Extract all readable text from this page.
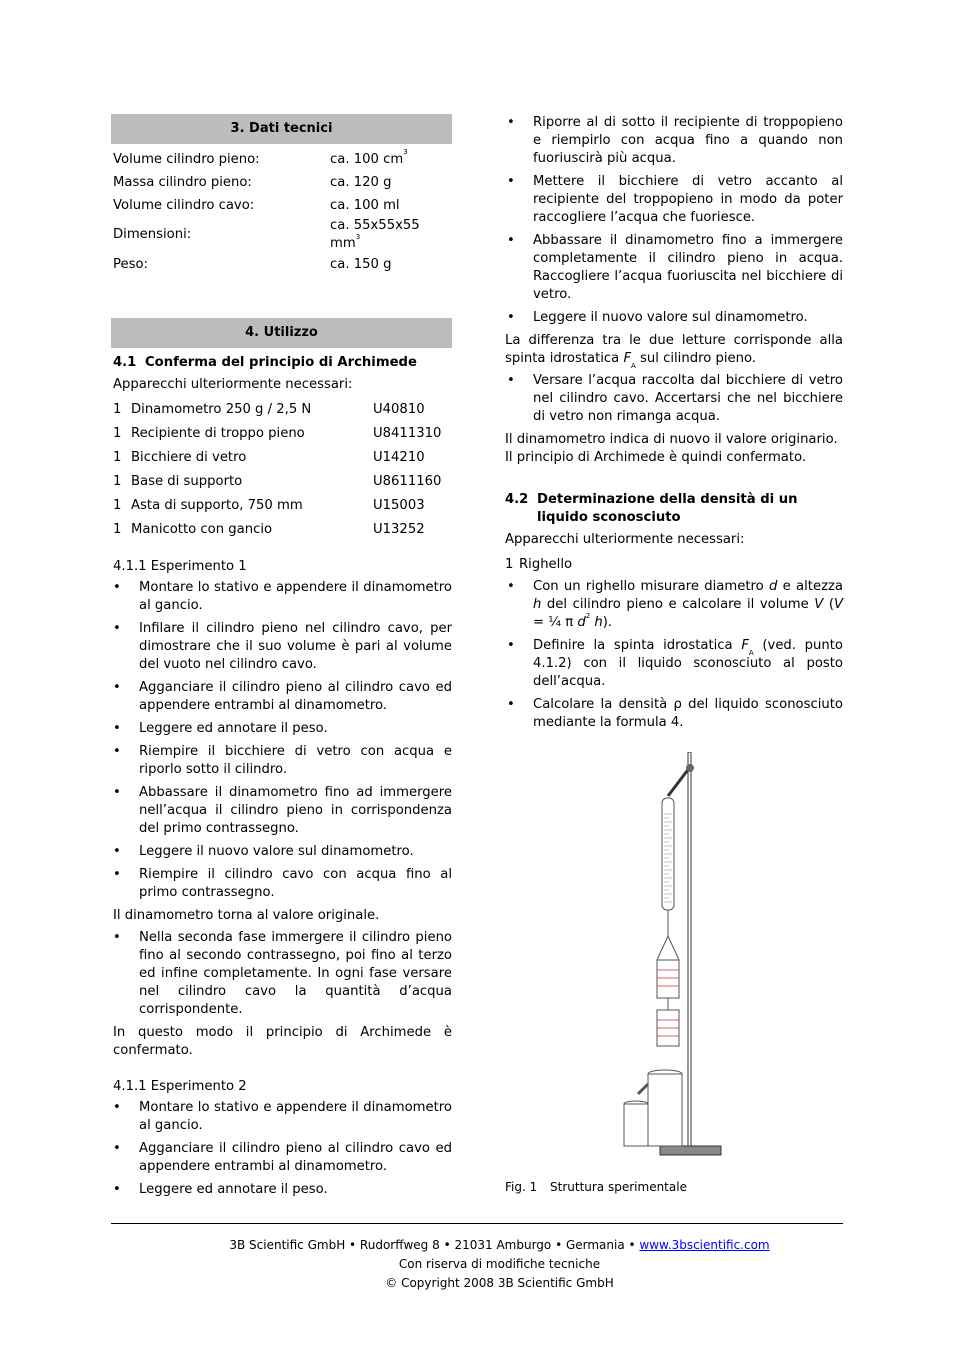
3. Dati tecnici
Volume cilindro pieno:	ca. 100 $cm^3$
Massa cilindro pieno:	ca. 120 g
Volume cilindro cavo:	ca. 100 ml
Dimensioni:	ca. 55x55x55 $mm^3$
Peso:	ca. 150 g
4. Utilizzo
4.1 Conferma del principio di Archimede
Apparecchi ulteriormente necessari:
1	Dinamometro 250 g / 2,5 N	U40810
1	Recipiente di troppo pieno	U8411310
1	Bicchiere di vetro	U14210
1	Base di supporto	U8611160
1	Asta di supporto, 750 mm	U15003
1	Manicotto con gancio	U13252
4.1.1 Esperimento 1
• Montare lo stativo e appendere il dinamometro al gancio.
• Infilare il cilindro pieno nel cilindro cavo, per dimostrare che il suo volume è pari al volume del vuoto nel cilindro cavo.
• Agganciare il cilindro pieno al cilindro cavo ed appendere entrambi al dinamometro.
• Leggere ed annotare il peso.
• Riempire il bicchiere di vetro con acqua e riporlo sotto il cilindro.
• Abbassare il dinamometro fino ad immergere nell’acqua il cilindro pieno in corrispondenza del primo contrassegno.
• Leggere il nuovo valore sul dinamometro.
• Riempire il cilindro cavo con acqua fino al primo contrassegno.
Il dinamometro torna al valore originale.
• Nella seconda fase immergere il cilindro pieno fino al secondo contrassegno, poi fino al terzo ed infine completamente. In ogni fase versare nel cilindro cavo la quantità d’acqua corrispondente.
In questo modo il principio di Archimede è confermato.
4.1.1 Esperimento 2
• Montare lo stativo e appendere il dinamometro al gancio.
• Agganciare il cilindro pieno al cilindro cavo ed appendere entrambi al dinamometro.
• Leggere ed annotare il peso.
• Riporre al di sotto il recipiente di troppopieno e riempirlo con acqua fino a quando non fuoriuscirà più acqua.
• Mettere il bicchiere di vetro accanto al recipiente del troppopieno in modo da poter raccogliere l’acqua che fuoriesce.
• Abbassare il dinamometro fino a immergere completamente il cilindro pieno in acqua. Raccogliere l’acqua fuoriuscita nel bicchiere di vetro.
• Leggere il nuovo valore sul dinamometro.
La differenza tra le due letture corrisponde alla spinta idrostatica $F_A$ sul cilindro pieno.
• Versare l’acqua raccolta dal bicchiere di vetro nel cilindro cavo. Accertarsi che nel bicchiere di vetro non rimanga acqua.
Il dinamometro indica di nuovo il valore originario.
Il principio di Archimede è quindi confermato.
4.2 Determinazione della densità di un liquido sconosciuto
Apparecchi ulteriormente necessari:
1 Righello
• Con un righello misurare diametro d e altezza h del cilindro pieno e calcolare il volume V (V = ¼ π $d^2$ h).
• Definire la spinta idrostatica $F_A$ (ved. punto 4.1.2) con il liquido sconosciuto al posto dell’acqua.
• Calcolare la densità ρ del liquido sconosciuto mediante la formula 4.
Fig. 1 Struttura sperimentale
3B Scientific GmbH • Rudorffweg 8 • 21031 Amburgo • Germania • www.3bscientific.com
Con riserva di modifiche tecniche
© Copyright 2008 3B Scientific GmbH
